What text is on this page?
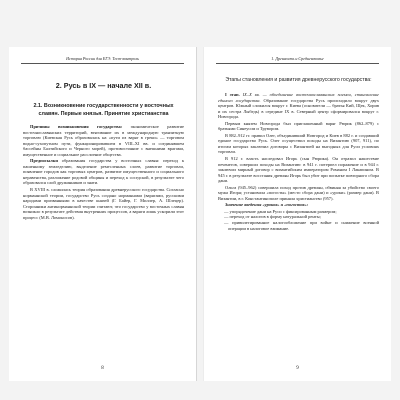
История России для ЕГЭ. Тест-контроль
2. Русь в IX — начале XII в.
2.1. Возникновение государственности у восточных славян. Первые князья. Принятие христианства

Причины возникновения государства: экономическое развитие восточнославянских территорий, втягивание их в международную транзитную торговлю (Киевская Русь образовалась на «пути из варяг в греки» — торговом водно-сухопутном пути, функционировавшем в VIII–XI вв. и соединявшем бассейны Балтийского и Черного морей), противостояние с внешними врагами, имущественное и социальное расслоение общества.

Предпосылки образования государства у восточных славян: переход к пашенному земледелию, выделение ремесленных слоев, развитие торговли, появление городов как торговых центров, развитие имущественного и социального неравенства, разложение родовой общины и переход к соседской, в результате чего образовался слой дружинников и знати.

В XVIII в. сложилась теория образования древнерусского государства. Согласно норманнской теории, государство Русь создано норманнами (варягами, русскими народами призванными в качестве князей (Г. Байер, Г. Миллер, А. Шлецер). Сторонники антинорманнской теории считают, что государство у восточных славян возникло в результате действия внутренних процессов, а варяги лишь ускорили этот процесс (М.В. Ломоносов).

8
1. Древность и Средневековье
Этапы становления и развития древнерусского государства:

I этап. IX–X вв. — объединение восточнославянских племен, становление единого государства. Образование государства Русь происходило вокруг двух центров. Южный сложился вокруг г. Киева (основатели — братья Кий, Щек, Хорив и их сестра Лыбедь) в середине IX в. Северный центр сформировался вокруг г. Новгорода.

Первым князем Новгорода был приглашенный варяг Рюрик (862–879) с братьями Синеусом и Трувором.

В 882–912 гг. правил Олег, объединивший Новгород и Киев в 882 г. и создавший единое государство Русь. Олег осуществил походы на Византию (907, 911), по итогам которых заключил договоры с Византией на выгодных для Руси условиях торговли.

В 912 г. власть наследовал Игорь (сын Рюрика). Он отразил нашествие печенегов, совершил походы на Византию: в 941 г. потерпел поражение и в 944 г. заключил мирный договор с византийским императором Романом I Лакапином. В 945 г. в результате восстания древлян Игорь был убит при попытке повторного сбора дани.

Ольга (945–962) совершила поход против древлян, обвиняя за убийство своего мужа Игоря; установила «погосты» (место сбора дани) и «уроки» (размер дани). В Византии, в г. Константинополе приняла христианство (957).

Значение введения «уроков» и «погостов»:

— упорядочение дани на Руси с фиксированным размером;
— переход от налогов в форму натуральной ренты;
— привилегированное налогообложение при войне и снижение военной операции в налоговое взимание.
9
